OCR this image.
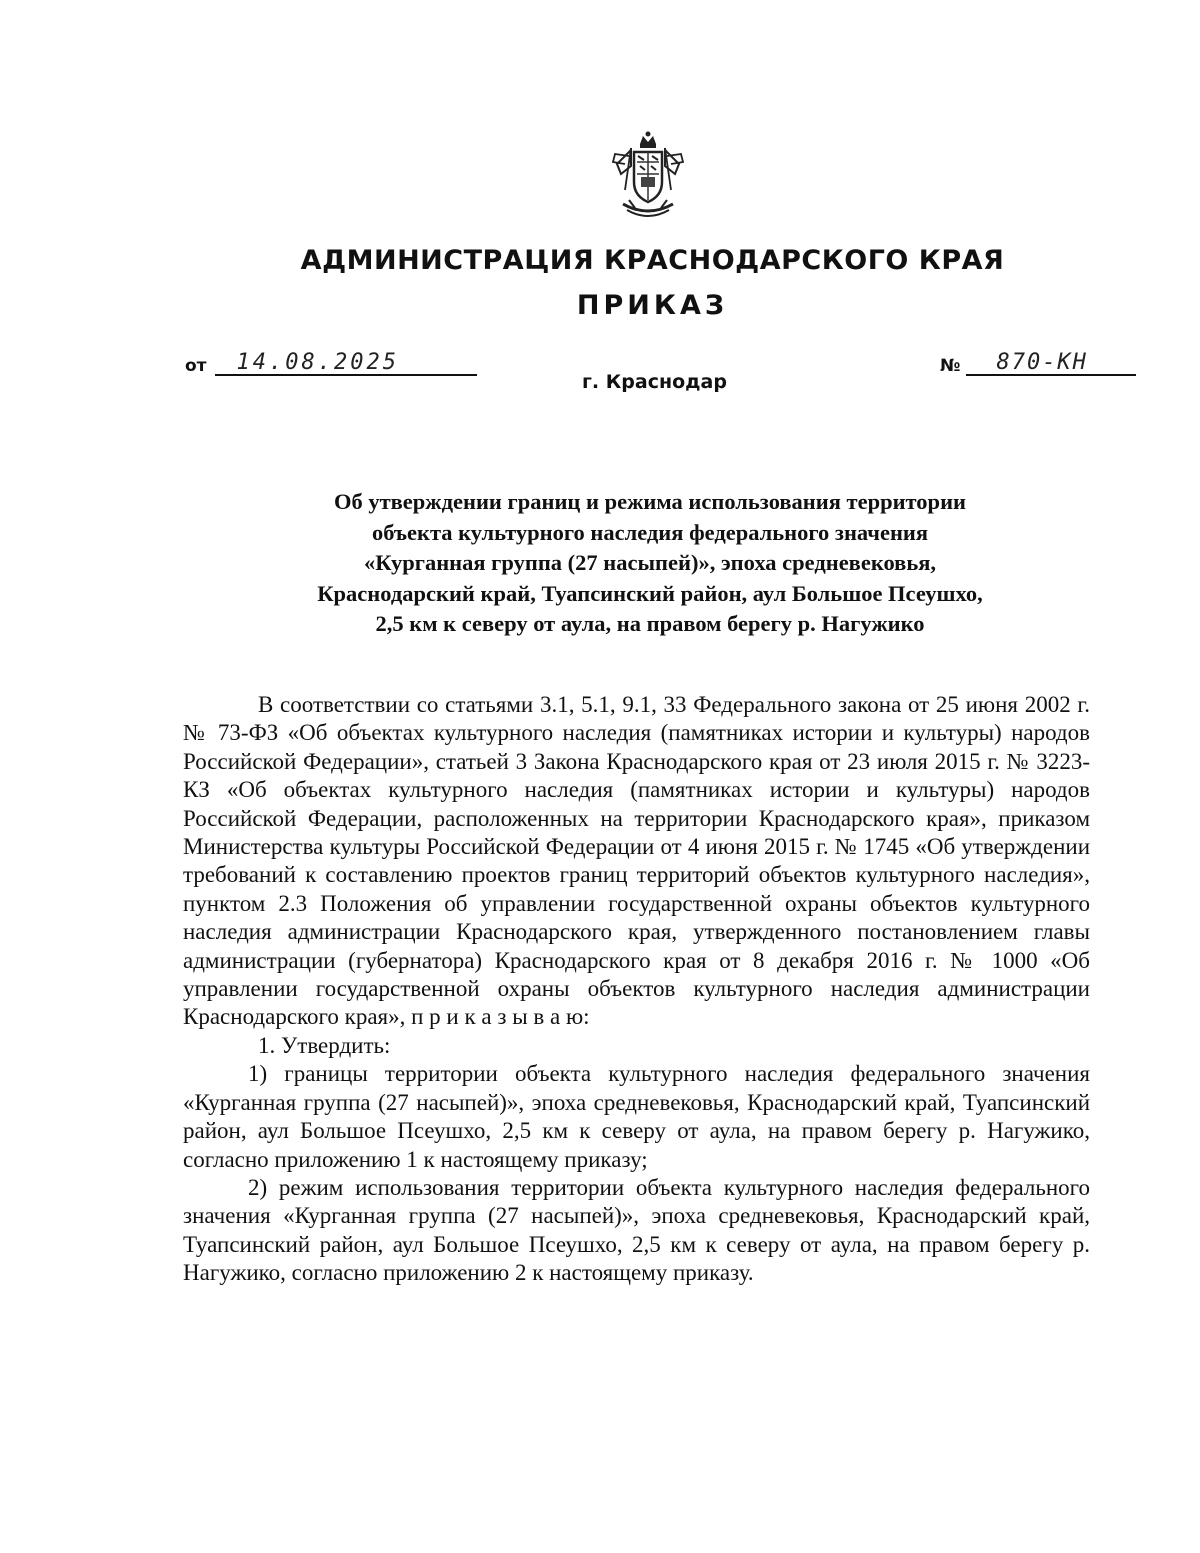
АДМИНИСТРАЦИЯ КРАСНОДАРСКОГО КРАЯ
ПРИКАЗ
от	14.08.2025	№	870-КН
г. Краснодар
Об утверждении границ и режима использования территории
объекта культурного наследия федерального значения
«Курганная группа (27 насыпей)», эпоха средневековья,
Краснодарский край, Туапсинский район, аул Большое Псеушхо,
2,5 км к северу от аула, на правом берегу р. Нагужико

В соответствии со статьями 3.1, 5.1, 9.1, 33 Федерального закона от 25 июня 2002 г. № 73-ФЗ «Об объектах культурного наследия (памятниках истории и культуры) народов Российской Федерации», статьей 3 Закона Краснодарского края от 23 июля 2015 г. № 3223-КЗ «Об объектах культурного наследия (памятниках истории и культуры) народов Российской Федерации, расположенных на территории Краснодарского края», приказом Министерства культуры Российской Федерации от 4 июня 2015 г. № 1745 «Об утверждении требований к составлению проектов границ территорий объектов культурного наследия», пунктом 2.3 Положения об управлении государственной охраны объектов культурного наследия администрации Краснодарского края, утвержденного постановлением главы администрации (губернатора) Краснодарского края от 8 декабря 2016 г. № 1000 «Об управлении государственной охраны объектов культурного наследия администрации Краснодарского края», п р и к а з ы в а ю:

1. Утвердить:

1) границы территории объекта культурного наследия федерального значения «Курганная группа (27 насыпей)», эпоха средневековья, Краснодарский край, Туапсинский район, аул Большое Псеушхо, 2,5 км к северу от аула, на правом берегу р. Нагужико, согласно приложению 1 к настоящему приказу;

2) режим использования территории объекта культурного наследия федерального значения «Курганная группа (27 насыпей)», эпоха средневековья, Краснодарский край, Туапсинский район, аул Большое Псеушхо, 2,5 км к северу от аула, на правом берегу р. Нагужико, согласно приложению 2 к настоящему приказу.
